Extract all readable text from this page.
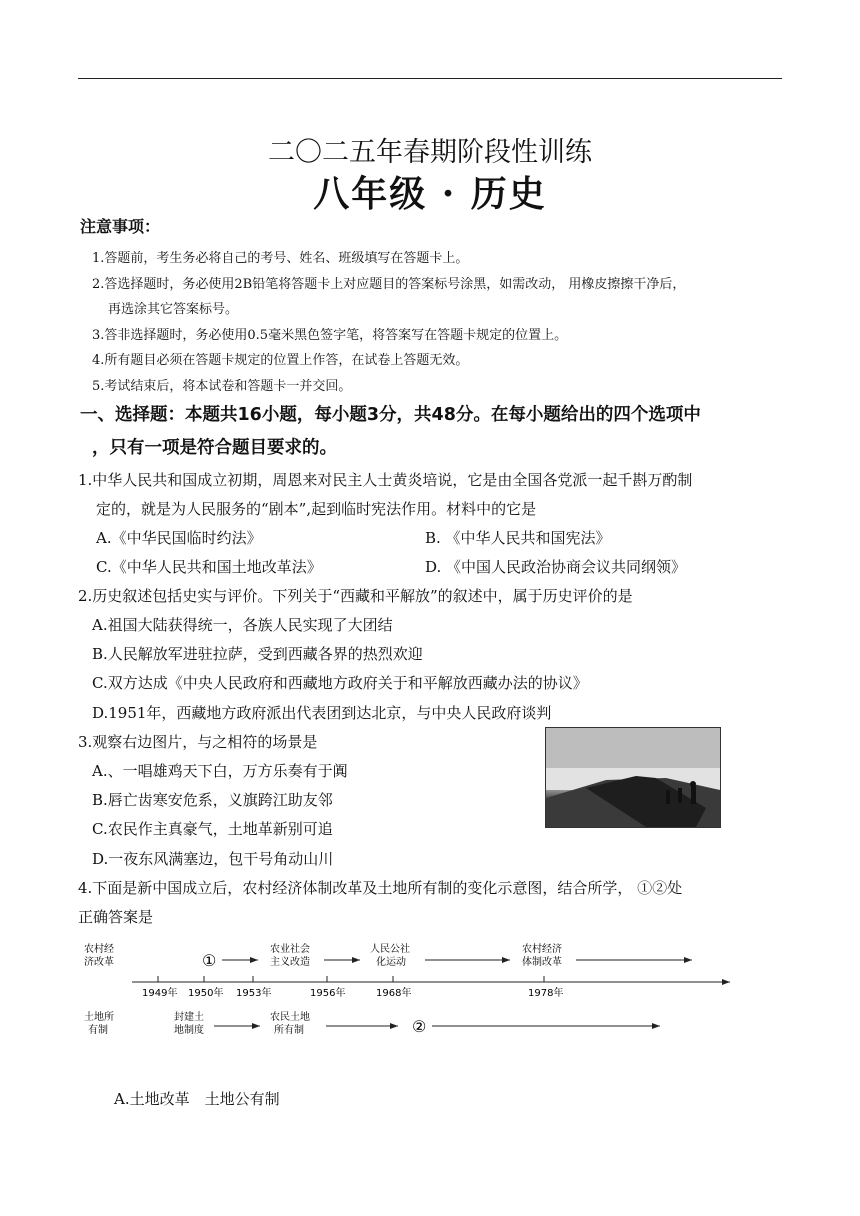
二〇二五年春期阶段性训练
八年级 · 历史
注意事项：
1.答题前，考生务必将自己的考号、姓名、班级填写在答题卡上。
2.答选择题时，务必使用2B铅笔将答题卡上对应题目的答案标号涂黑，如需改动， 用橡皮擦擦干净后，
再选涂其它答案标号。
3.答非选择题时，务必使用0.5毫米黑色签字笔，将答案写在答题卡规定的位置上。
4.所有题目必须在答题卡规定的位置上作答，在试卷上答题无效。
5.考试结束后，将本试卷和答题卡一并交回。
一、选择题：本题共16小题，每小题3分，共48分。在每小题给出的四个选项中
，只有一项是符合题目要求的。
1.中华人民共和国成立初期，周恩来对民主人士黄炎培说，它是由全国各党派一起千斟万酌制
定的，就是为人民服务的“剧本”,起到临时宪法作用。材料中的它是
A.《中华民国临时约法》	B. 《中华人民共和国宪法》
C.《中华人民共和国土地改革法》	D. 《中国人民政治协商会议共同纲领》
2.历史叙述包括史实与评价。下列关于“西藏和平解放”的叙述中，属于历史评价的是
A.祖国大陆获得统一，各族人民实现了大团结
B.人民解放军进驻拉萨，受到西藏各界的热烈欢迎
C.双方达成《中央人民政府和西藏地方政府关于和平解放西藏办法的协议》
D.1951年，西藏地方政府派出代表团到达北京，与中央人民政府谈判
3.观察右边图片，与之相符的场景是
A.、一唱雄鸡天下白，万方乐奏有于阗
B.唇亡齿寒安危系，义旗跨江助友邻
C.农民作主真豪气，土地革新别可追
D.一夜东风满塞边，包干号角动山川
4.下面是新中国成立后，农村经济体制改革及土地所有制的变化示意图，结合所学， ①②处
正确答案是
农村经
济改革
土地所
有制
①
农业社会
主义改造
人民公社
化运动
农村经济
体制改革
1949年 1950年 1953年	1956年	1968年	1978年
封建土
地制度
农民土地
所有制	②
A.土地改革　土地公有制
